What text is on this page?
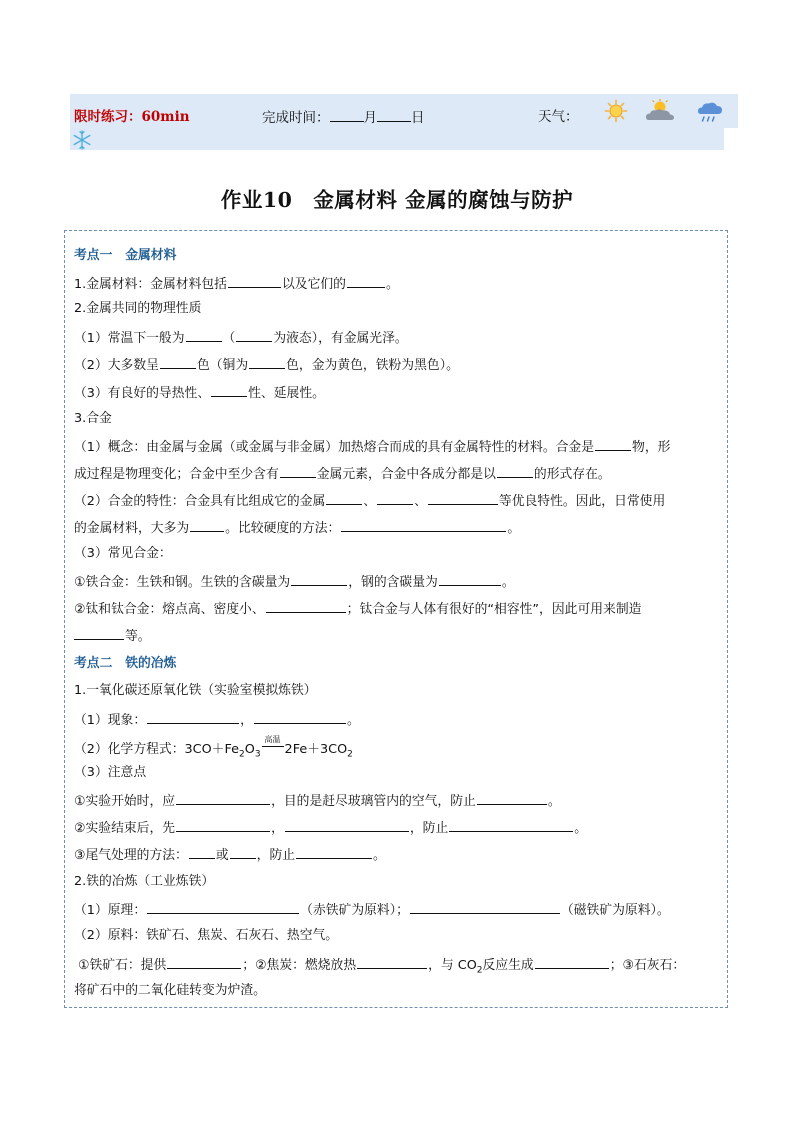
限时练习：60min	完成时间：	月	日	天气：
作业10　金属材料 金属的腐蚀与防护
考点一　金属材料
1.金属材料：金属材料包括	以及它们的	。
2.金属共同的物理性质
（1）常温下一般为	（	为液态），有金属光泽。
（2）大多数呈	色（铜为	色，金为黄色，铁粉为黑色）。
（3）有良好的导热性、	性、延展性。
3.合金
（1）概念：由金属与金属（或金属与非金属）加热熔合而成的具有金属特性的材料。合金是	物，形
成过程是物理变化；合金中至少含有	金属元素，合金中各成分都是以	的形式存在。
（2）合金的特性：合金具有比组成它的金属	、	、	等优良特性。因此，日常使用
的金属材料，大多为	。比较硬度的方法：	。
（3）常见合金：
①铁合金：生铁和钢。生铁的含碳量为	，钢的含碳量为	。
②钛和钛合金：熔点高、密度小、	；钛合金与人体有很好的“相容性”，因此可用来制造
等。
考点二　铁的冶炼
1.一氧化碳还原氧化铁（实验室模拟炼铁）
（1）现象：	，	。
（2）化学方程式：$3CO+Fe_2O_3$
高温
$2Fe+3CO_2$
（3）注意点
①实验开始时，应	，目的是赶尽玻璃管内的空气，防止	。
②实验结束后，先	，	，防止	。
③尾气处理的方法： 或 ，防止	。
2.铁的冶炼（工业炼铁）
（1）原理：	（赤铁矿为原料）；	（磁铁矿为原料）。
（2）原料：铁矿石、焦炭、石灰石、热空气。
①铁矿石：提供	；②焦炭：燃烧放热	，与 $CO_2$反应生成	；③石灰石：
将矿石中的二氧化硅转变为炉渣。
